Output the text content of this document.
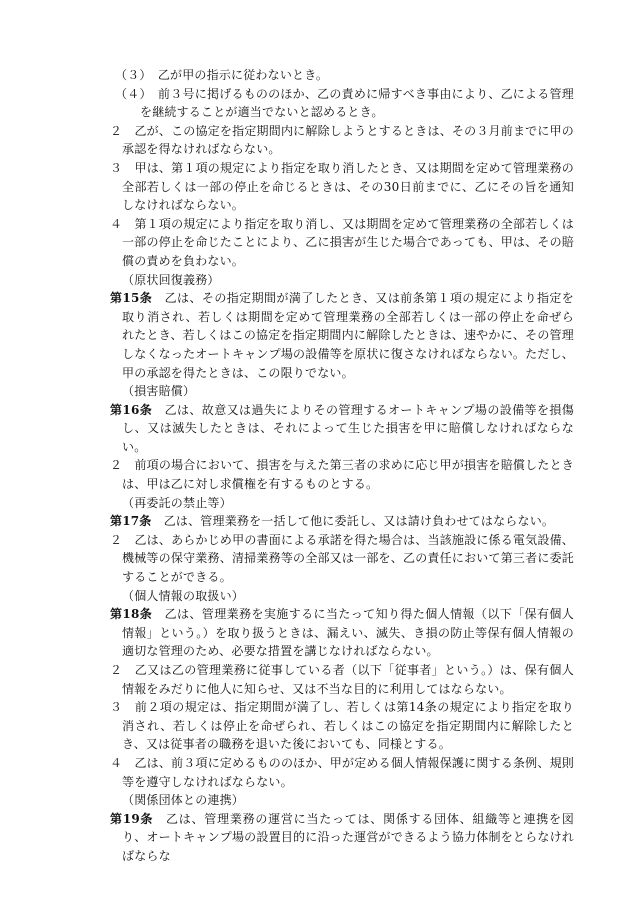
（３）　 乙が甲の指示に従わないとき。

（４）　 前３号に掲げるもののほか、乙の責めに帰すべき事由により、乙による管理を継続することが適当でないと認めるとき。

２　 乙が、この協定を指定期間内に解除しようとするときは、その３月前までに甲の承認を得なければならない。

３　 甲は、第１項の規定により指定を取り消したとき、又は期間を定めて管理業務の全部若しくは一部の停止を命じるときは、その30日前までに、乙にその旨を通知しなければならない。

４　 第１項の規定により指定を取り消し、又は期間を定めて管理業務の全部若しくは一部の停止を命じたことにより、乙に損害が生じた場合であっても、甲は、その賠償の責めを負わない。

（原状回復義務）

第15条　 乙は、その指定期間が満了したとき、又は前条第１項の規定により指定を取り消され、若しくは期間を定めて管理業務の全部若しくは一部の停止を命ぜられたとき、若しくはこの協定を指定期間内に解除したときは、速やかに、その管理しなくなったオートキャンプ場の設備等を原状に復さなければならない。ただし、甲の承認を得たときは、この限りでない。

（損害賠償）

第16条　 乙は、故意又は過失によりその管理するオートキャンプ場の設備等を損傷し、又は滅失したときは、それによって生じた損害を甲に賠償しなければならない。

２　 前項の場合において、損害を与えた第三者の求めに応じ甲が損害を賠償したときは、甲は乙に対し求償権を有するものとする。

（再委託の禁止等）

第17条　 乙は、管理業務を一括して他に委託し、又は請け負わせてはならない。

２　 乙は、あらかじめ甲の書面による承諾を得た場合は、当該施設に係る電気設備、機械等の保守業務、清掃業務等の全部又は一部を、乙の責任において第三者に委託することができる。

（個人情報の取扱い）

第18条　 乙は、管理業務を実施するに当たって知り得た個人情報（以下「保有個人情報」という。）を取り扱うときは、漏えい、滅失、き損の防止等保有個人情報の適切な管理のため、必要な措置を講じなければならない。

２　 乙又は乙の管理業務に従事している者（以下「従事者」という。）は、保有個人情報をみだりに他人に知らせ、又は不当な目的に利用してはならない。

３　 前２項の規定は、指定期間が満了し、若しくは第14条の規定により指定を取り消され、若しくは停止を命ぜられ、若しくはこの協定を指定期間内に解除したとき、又は従事者の職務を退いた後においても、同様とする。

４　 乙は、前３項に定めるもののほか、甲が定める個人情報保護に関する条例、規則等を遵守しなければならない。

（関係団体との連携）

第19条　 乙は、管理業務の運営に当たっては、関係する団体、組織等と連携を図り、オートキャンプ場の設置目的に沿った運営ができるよう協力体制をとらなければならな
